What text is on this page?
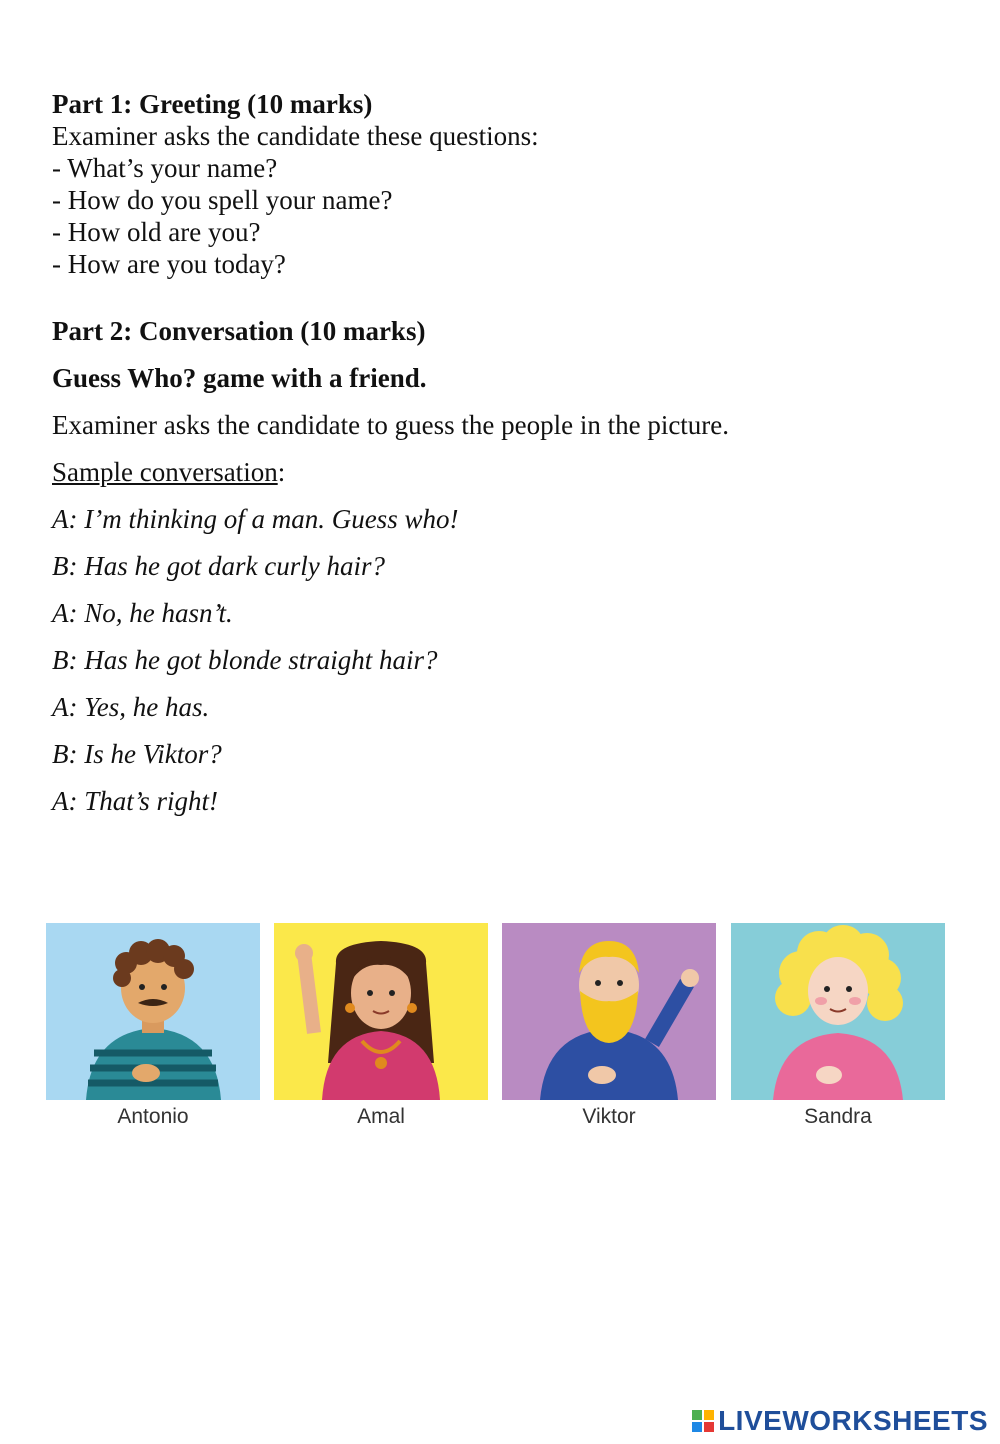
Part 1: Greeting (10 marks)
Examiner asks the candidate these questions:
- What’s your name?
- How do you spell your name?
- How old are you?
- How are you today?
Part 2: Conversation (10 marks)
Guess Who? game with a friend.
Examiner asks the candidate to guess the people in the picture.
Sample conversation:
A: I’m thinking of a man. Guess who!
B: Has he got dark curly hair?
A: No, he hasn’t.
B: Has he got blonde straight hair?
A: Yes, he has.
B: Is he Viktor?
A: That’s right!
Antonio	Amal	Viktor	Sandra
LIVEWORKSHEETS
